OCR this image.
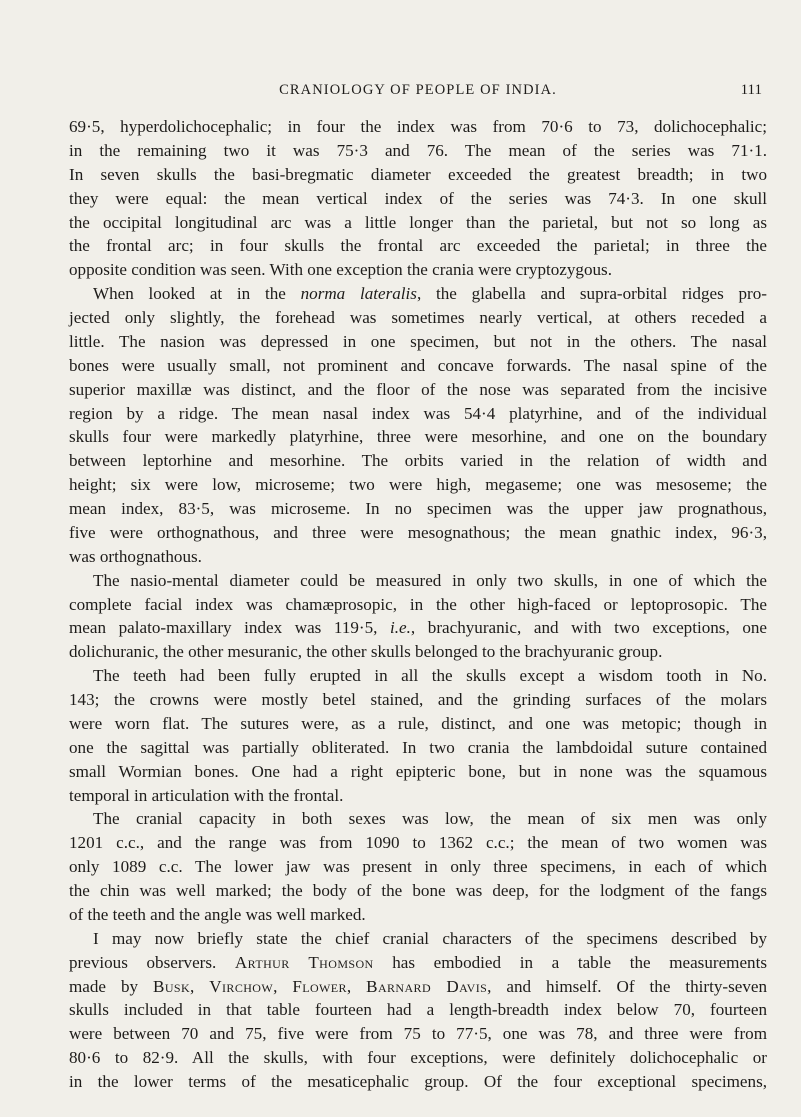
CRANIOLOGY OF PEOPLE OF INDIA.	111
69·5, hyperdolichocephalic; in four the index was from 70·6 to 73, dolichocephalic;
in the remaining two it was 75·3 and 76. The mean of the series was 71·1.
In seven skulls the basi-bregmatic diameter exceeded the greatest breadth; in two
they were equal: the mean vertical index of the series was 74·3. In one skull
the occipital longitudinal arc was a little longer than the parietal, but not so long as
the frontal arc; in four skulls the frontal arc exceeded the parietal; in three the
opposite condition was seen. With one exception the crania were cryptozygous.
When looked at in the norma lateralis, the glabella and supra-orbital ridges pro-
jected only slightly, the forehead was sometimes nearly vertical, at others receded a
little. The nasion was depressed in one specimen, but not in the others. The nasal
bones were usually small, not prominent and concave forwards. The nasal spine of the
superior maxillæ was distinct, and the floor of the nose was separated from the incisive
region by a ridge. The mean nasal index was 54·4 platyrhine, and of the individual
skulls four were markedly platyrhine, three were mesorhine, and one on the boundary
between leptorhine and mesorhine. The orbits varied in the relation of width and
height; six were low, microseme; two were high, megaseme; one was mesoseme; the
mean index, 83·5, was microseme. In no specimen was the upper jaw prognathous,
five were orthognathous, and three were mesognathous; the mean gnathic index, 96·3,
was orthognathous.
The nasio-mental diameter could be measured in only two skulls, in one of which the
complete facial index was chamæprosopic, in the other high-faced or leptoprosopic. The
mean palato-maxillary index was 119·5, i.e., brachyuranic, and with two exceptions, one
dolichuranic, the other mesuranic, the other skulls belonged to the brachyuranic group.
The teeth had been fully erupted in all the skulls except a wisdom tooth in No.
143; the crowns were mostly betel stained, and the grinding surfaces of the molars
were worn flat. The sutures were, as a rule, distinct, and one was metopic; though in
one the sagittal was partially obliterated. In two crania the lambdoidal suture contained
small Wormian bones. One had a right epipteric bone, but in none was the squamous
temporal in articulation with the frontal.
The cranial capacity in both sexes was low, the mean of six men was only
1201 c.c., and the range was from 1090 to 1362 c.c.; the mean of two women was
only 1089 c.c. The lower jaw was present in only three specimens, in each of which
the chin was well marked; the body of the bone was deep, for the lodgment of the fangs
of the teeth and the angle was well marked.
I may now briefly state the chief cranial characters of the specimens described by
previous observers. Arthur Thomson has embodied in a table the measurements
made by Busk, Virchow, Flower, Barnard Davis, and himself. Of the thirty-seven
skulls included in that table fourteen had a length-breadth index below 70, fourteen
were between 70 and 75, five were from 75 to 77·5, one was 78, and three were from
80·6 to 82·9. All the skulls, with four exceptions, were definitely dolichocephalic or
in the lower terms of the mesaticephalic group. Of the four exceptional specimens,
